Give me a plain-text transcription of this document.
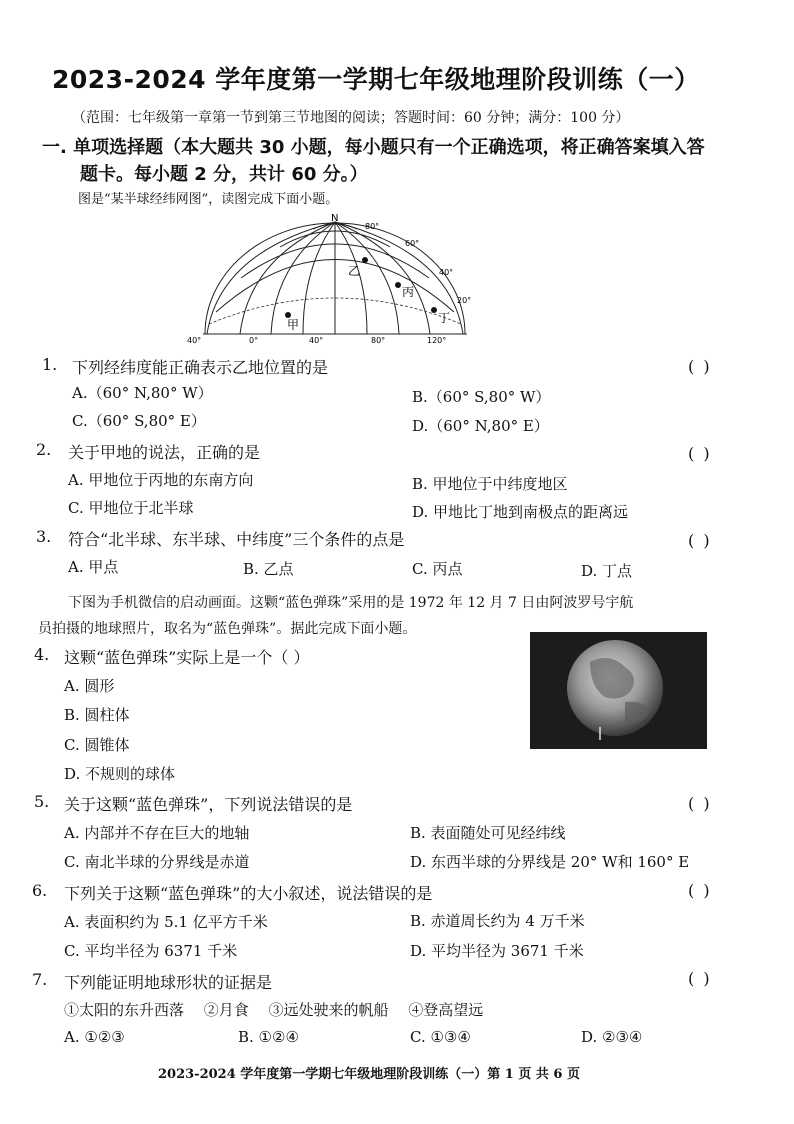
2023-2024 学年度第一学期七年级地理阶段训练（一）
（范围：七年级第一章第一节到第三节地图的阅读；答题时间：60 分钟；满分：100 分）
一. 单项选择题（本大题共 30 小题，每小题只有一个正确选项，将正确答案填入答
题卡。每小题 2 分，共计 60 分。）
图是“某半球经纬网图”，读图完成下面小题。
N
80°
60°
40°
20°
40°	0°	40°	80°	120°
甲
乙
丙
丁
1. 下列经纬度能正确表示乙地位置的是	( )
A.（60° N,80° W）	B.（60° S,80° W）
C.（60° S,80° E）	D.（60° N,80° E）
2. 关于甲地的说法，正确的是	( )
A. 甲地位于丙地的东南方向	B. 甲地位于中纬度地区
C. 甲地位于北半球	D. 甲地比丁地到南极点的距离远
3. 符合“北半球、东半球、中纬度”三个条件的点是	( )
A. 甲点	B. 乙点	C. 丙点	D. 丁点
下图为手机微信的启动画面。这颗“蓝色弹珠”采用的是 1972 年 12 月 7 日由阿波罗号宇航
员拍摄的地球照片，取名为“蓝色弹珠”。据此完成下面小题。
4. 这颗“蓝色弹珠”实际上是一个（ ）
A. 圆形
B. 圆柱体
C. 圆锥体
D. 不规则的球体
5. 关于这颗“蓝色弹珠”，下列说法错误的是	( )
A. 内部并不存在巨大的地轴	B. 表面随处可见经纬线
C. 南北半球的分界线是赤道	D. 东西半球的分界线是 20° W和 160° E
6. 下列关于这颗“蓝色弹珠”的大小叙述，说法错误的是	( )
A. 表面积约为 5.1 亿平方千米	B. 赤道周长约为 4 万千米
C. 平均半径为 6371 千米	D. 平均半径为 3671 千米
7. 下列能证明地球形状的证据是	( )
①太阳的东升西落　 ②月食　 ③远处驶来的帆船　 ④登高望远
A. ①②③	B. ①②④	C. ①③④	D. ②③④
2023-2024 学年度第一学期七年级地理阶段训练（一）第 1 页 共 6 页
